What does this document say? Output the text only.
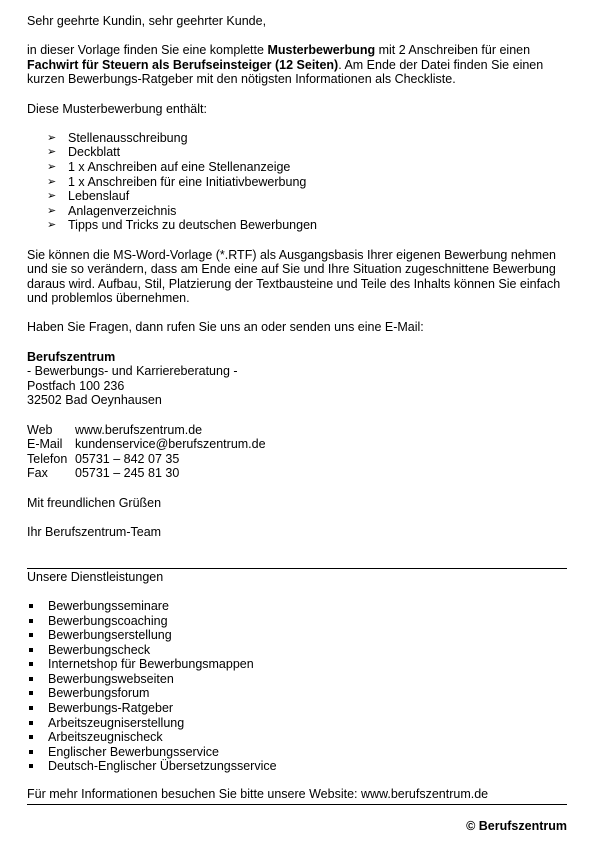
Sehr geehrte Kundin, sehr geehrter Kunde,

in dieser Vorlage finden Sie eine komplette Musterbewerbung mit 2 Anschreiben für einen Fachwirt für Steuern als Berufseinsteiger (12 Seiten). Am Ende der Datei finden Sie einen kurzen Bewerbungs-Ratgeber mit den nötigsten Informationen als Checkliste.

Diese Musterbewerbung enthält:

➢ Stellenausschreibung
➢ Deckblatt
➢ 1 x Anschreiben auf eine Stellenanzeige
➢ 1 x Anschreiben für eine Initiativbewerbung
➢ Lebenslauf
➢ Anlagenverzeichnis
➢ Tipps und Tricks zu deutschen Bewerbungen

Sie können die MS-Word-Vorlage (*.RTF) als Ausgangsbasis Ihrer eigenen Bewerbung nehmen und sie so verändern, dass am Ende eine auf Sie und Ihre Situation zugeschnittene Bewerbung daraus wird. Aufbau, Stil, Platzierung der Textbausteine und Teile des Inhalts können Sie einfach und problemlos übernehmen.

Haben Sie Fragen, dann rufen Sie uns an oder senden uns eine E-Mail:

Berufszentrum

- Bewerbungs- und Karriereberatung -

Postfach 100 236

32502 Bad Oeynhausen

Web	www.berufszentrum.de
E-Mail	kundenservice@berufszentrum.de
Telefon 05731 – 842 07 35
Fax	05731 – 245 81 30

Mit freundlichen Grüßen

Ihr Berufszentrum-Team

Unsere Dienstleistungen

Bewerbungsseminare
Bewerbungscoaching
Bewerbungserstellung
Bewerbungscheck
Internetshop für Bewerbungsmappen
Bewerbungswebseiten
Bewerbungsforum
Bewerbungs-Ratgeber
Arbeitszeugniserstellung
Arbeitszeugnischeck
Englischer Bewerbungsservice
Deutsch-Englischer Übersetzungsservice

Für mehr Informationen besuchen Sie bitte unsere Website: www.berufszentrum.de

© Berufszentrum
